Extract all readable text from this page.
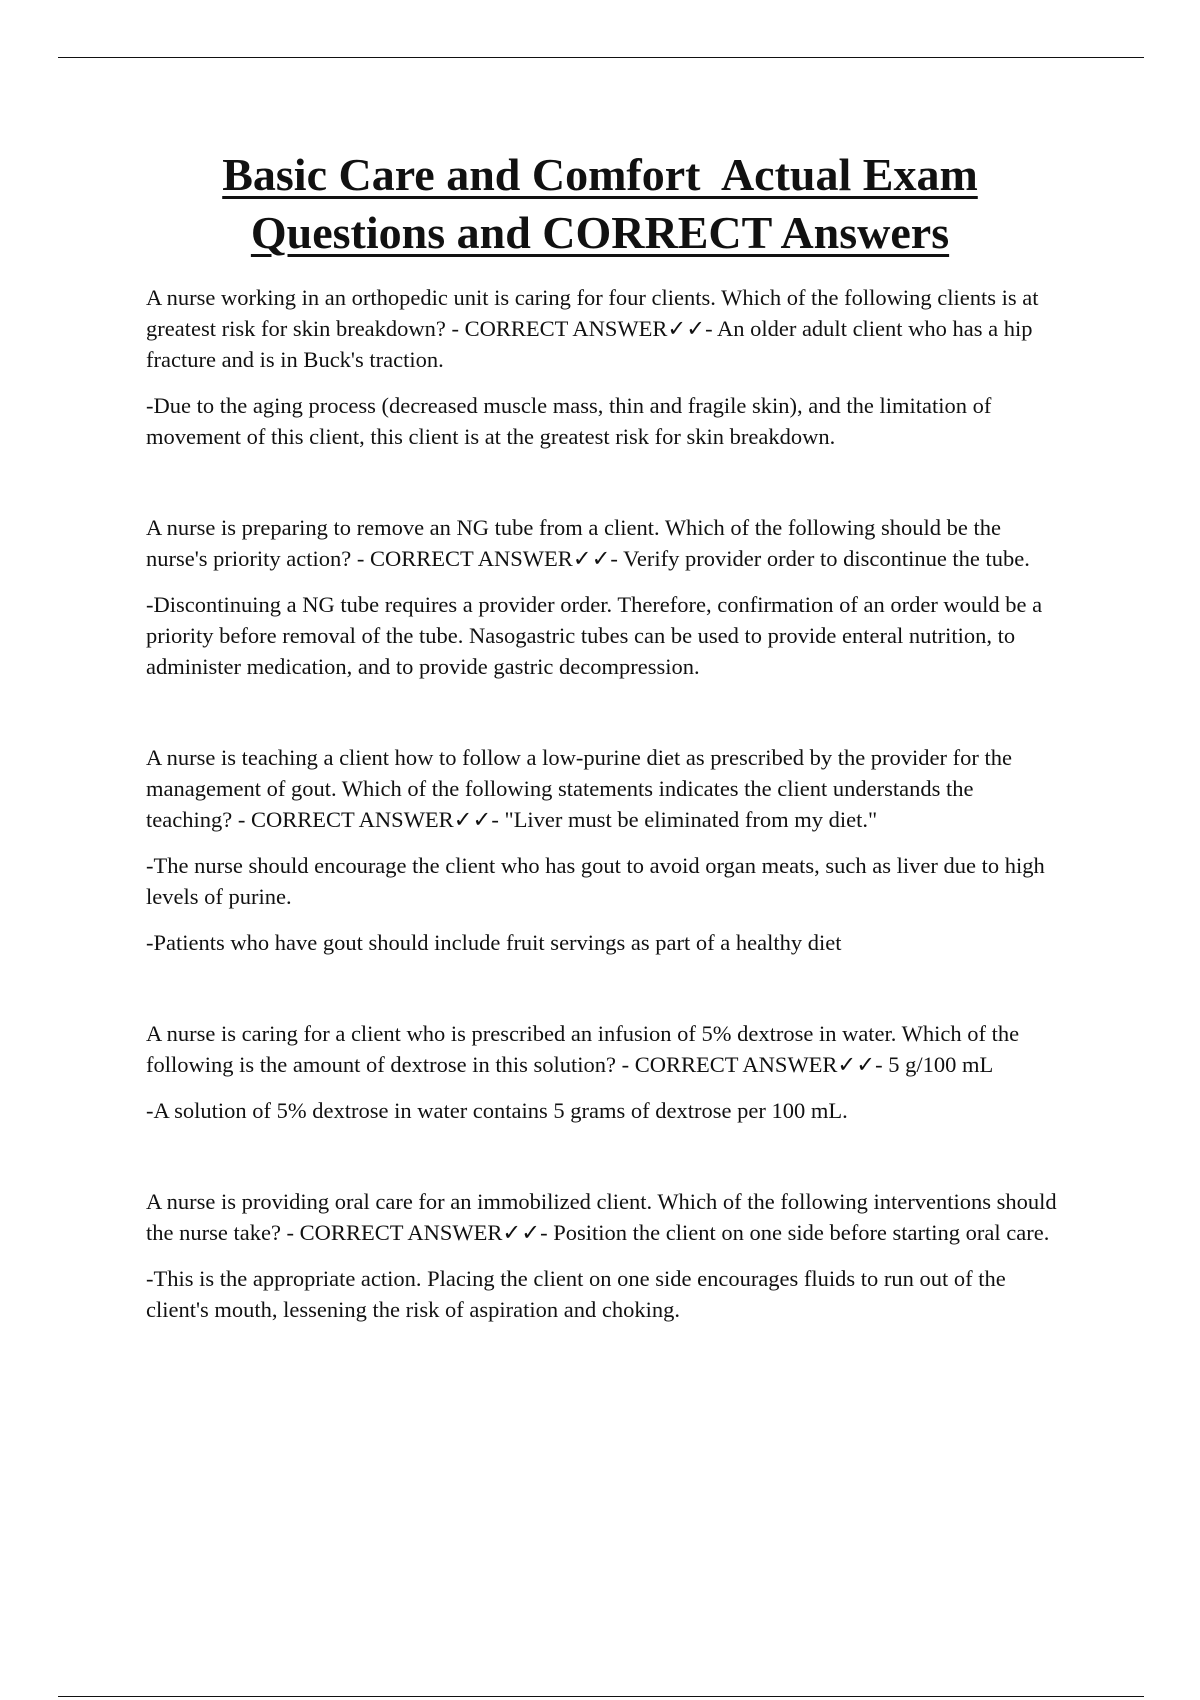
Basic Care and Comfort  Actual Exam
Questions and CORRECT Answers

A nurse working in an orthopedic unit is caring for four clients. Which of the following clients is at greatest risk for skin breakdown? - CORRECT ANSWER✓✓- An older adult client who has a hip fracture and is in Buck's traction.

-Due to the aging process (decreased muscle mass, thin and fragile skin), and the limitation of movement of this client, this client is at the greatest risk for skin breakdown.

A nurse is preparing to remove an NG tube from a client. Which of the following should be the nurse's priority action? - CORRECT ANSWER✓✓- Verify provider order to discontinue the tube.

-Discontinuing a NG tube requires a provider order. Therefore, confirmation of an order would be a priority before removal of the tube. Nasogastric tubes can be used to provide enteral nutrition, to administer medication, and to provide gastric decompression.

A nurse is teaching a client how to follow a low-purine diet as prescribed by the provider for the management of gout. Which of the following statements indicates the client understands the teaching? - CORRECT ANSWER✓✓- "Liver must be eliminated from my diet."

-The nurse should encourage the client who has gout to avoid organ meats, such as liver due to high levels of purine.

-Patients who have gout should include fruit servings as part of a healthy diet

A nurse is caring for a client who is prescribed an infusion of 5% dextrose in water. Which of the following is the amount of dextrose in this solution? - CORRECT ANSWER✓✓- 5 g/100 mL

-A solution of 5% dextrose in water contains 5 grams of dextrose per 100 mL.

A nurse is providing oral care for an immobilized client. Which of the following interventions should the nurse take? - CORRECT ANSWER✓✓- Position the client on one side before starting oral care.

-This is the appropriate action. Placing the client on one side encourages fluids to run out of the client's mouth, lessening the risk of aspiration and choking.
